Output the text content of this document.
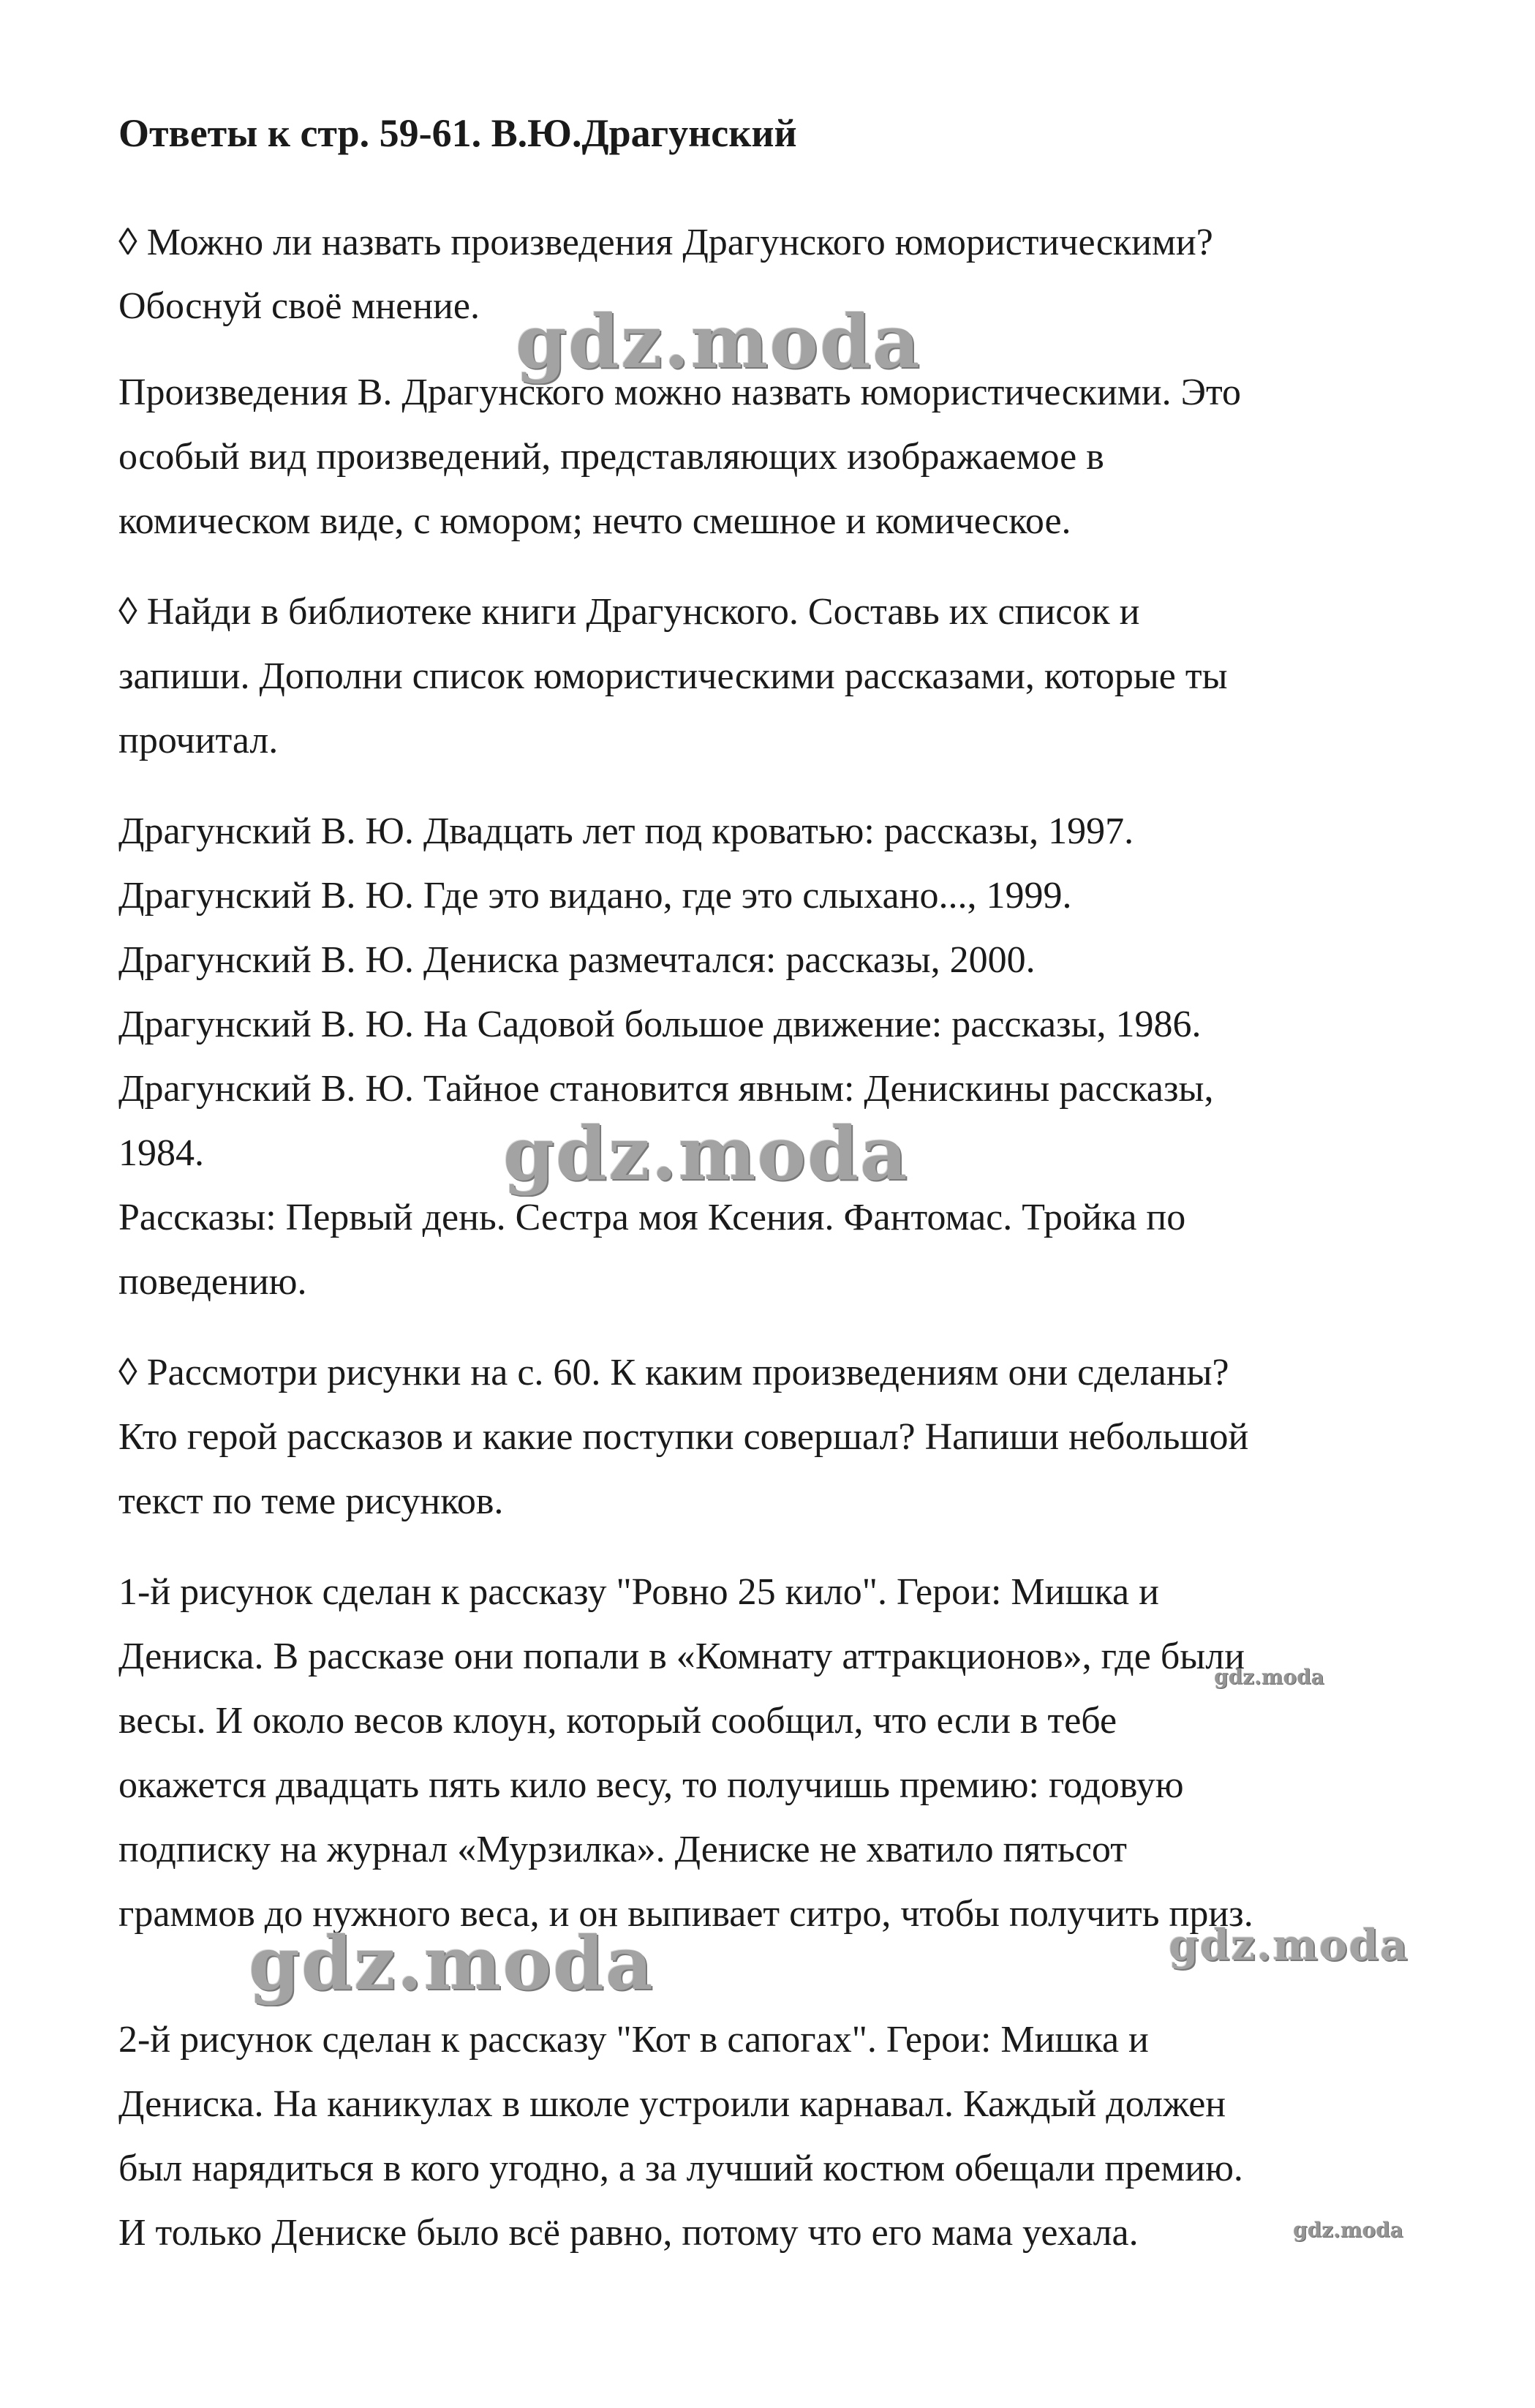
Ответы к стр. 59-61. В.Ю.Драгунский
◊ Можно ли назвать произведения Драгунского юмористическими?
Обоснуй своё мнение.
Произведения В. Драгунского можно назвать юмористическими. Это
особый вид произведений, представляющих изображаемое в
комическом виде, с юмором; нечто смешное и комическое.
◊ Найди в библиотеке книги Драгунского. Составь их список и
запиши. Дополни список юмористическими рассказами, которые ты
прочитал.
Драгунский В. Ю. Двадцать лет под кроватью: рассказы, 1997.
Драгунский В. Ю. Где это видано, где это слыхано..., 1999.
Драгунский В. Ю. Дениска размечтался: рассказы, 2000.
Драгунский В. Ю. На Садовой большое движение: рассказы, 1986.
Драгунский В. Ю. Тайное становится явным: Денискины рассказы,
1984.
Рассказы: Первый день. Сестра моя Ксения. Фантомас. Тройка по
поведению.
◊ Рассмотри рисунки на с. 60. К каким произведениям они сделаны?
Кто герой рассказов и какие поступки совершал? Напиши небольшой
текст по теме рисунков.
1-й рисунок сделан к рассказу "Ровно 25 кило". Герои: Мишка и
Дениска. В рассказе они попали в «Комнату аттракционов», где были
весы. И около весов клоун, который сообщил, что если в тебе
окажется двадцать пять кило весу, то получишь премию: годовую
подписку на журнал «Мурзилка». Дениске не хватило пятьсот
граммов до нужного веса, и он выпивает ситро, чтобы получить приз.
2-й рисунок сделан к рассказу "Кот в сапогах". Герои: Мишка и
Дениска. На каникулах в школе устроили карнавал. Каждый должен
был нарядиться в кого угодно, а за лучший костюм обещали премию.
И только Дениске было всё равно, потому что его мама уехала.
gdz.moda
gdz.moda
gdz.moda	gdz.moda
gdz.moda
gdz.moda
